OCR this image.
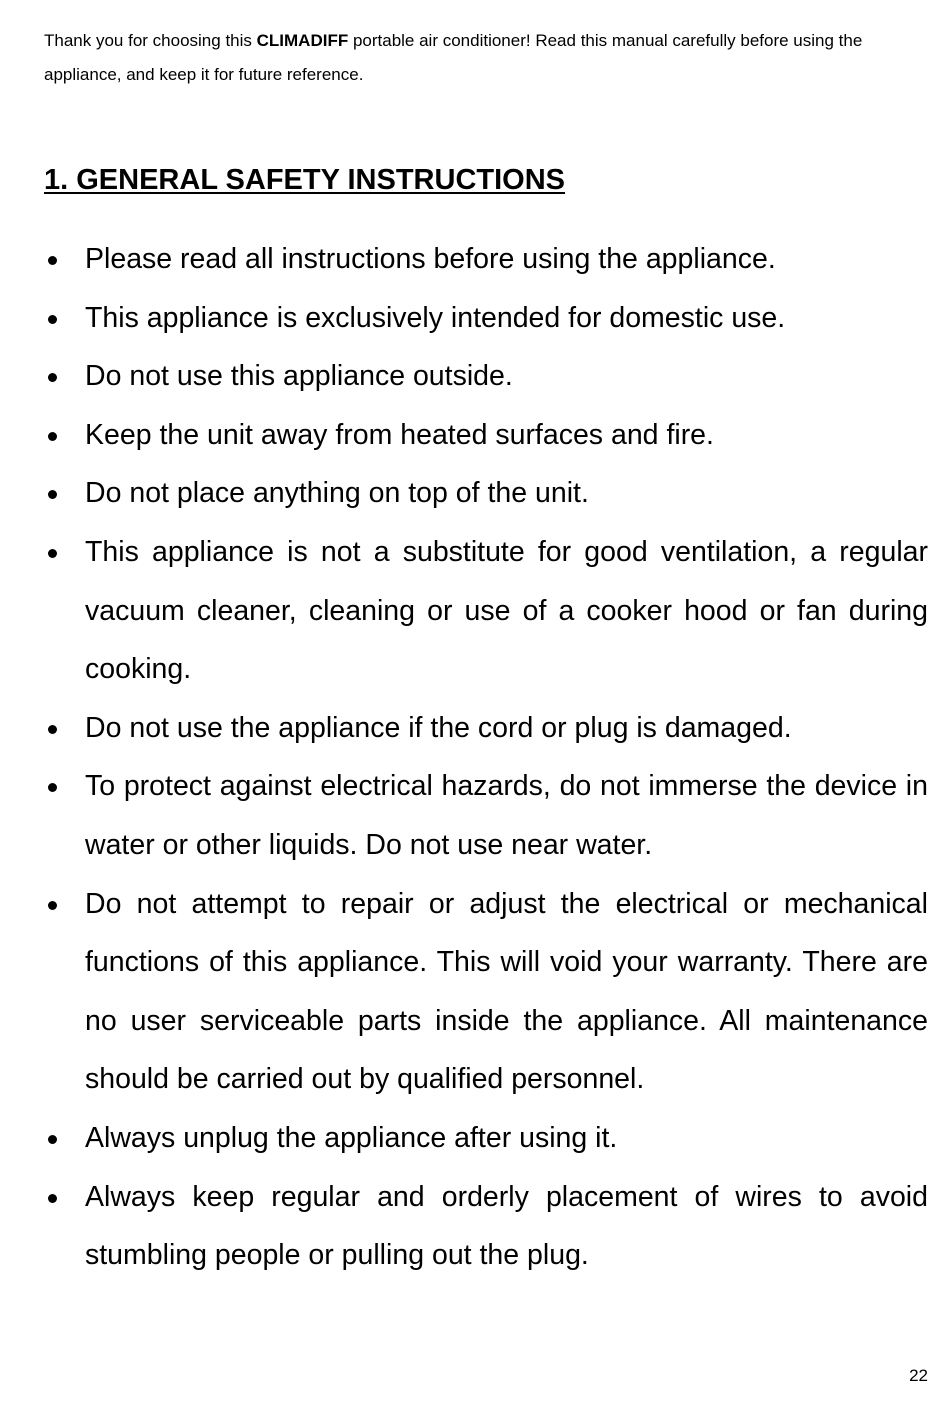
Thank you for choosing this CLIMADIFF portable air conditioner! Read this manual carefully before using the appliance, and keep it for future reference.

1. GENERAL SAFETY INSTRUCTIONS
Please read all instructions before using the appliance.
This appliance is exclusively intended for domestic use.
Do not use this appliance outside.
Keep the unit away from heated surfaces and fire.
Do not place anything on top of the unit.
This appliance is not a substitute for good ventilation, a regular vacuum cleaner, cleaning or use of a cooker hood or fan during cooking.
Do not use the appliance if the cord or plug is damaged.
To protect against electrical hazards, do not immerse the device in water or other liquids. Do not use near water.
Do not attempt to repair or adjust the electrical or mechanical functions of this appliance. This will void your warranty. There are no user serviceable parts inside the appliance. All maintenance should be carried out by qualified personnel.
Always unplug the appliance after using it.
Always keep regular and orderly placement of wires to avoid stumbling people or pulling out the plug.
22
